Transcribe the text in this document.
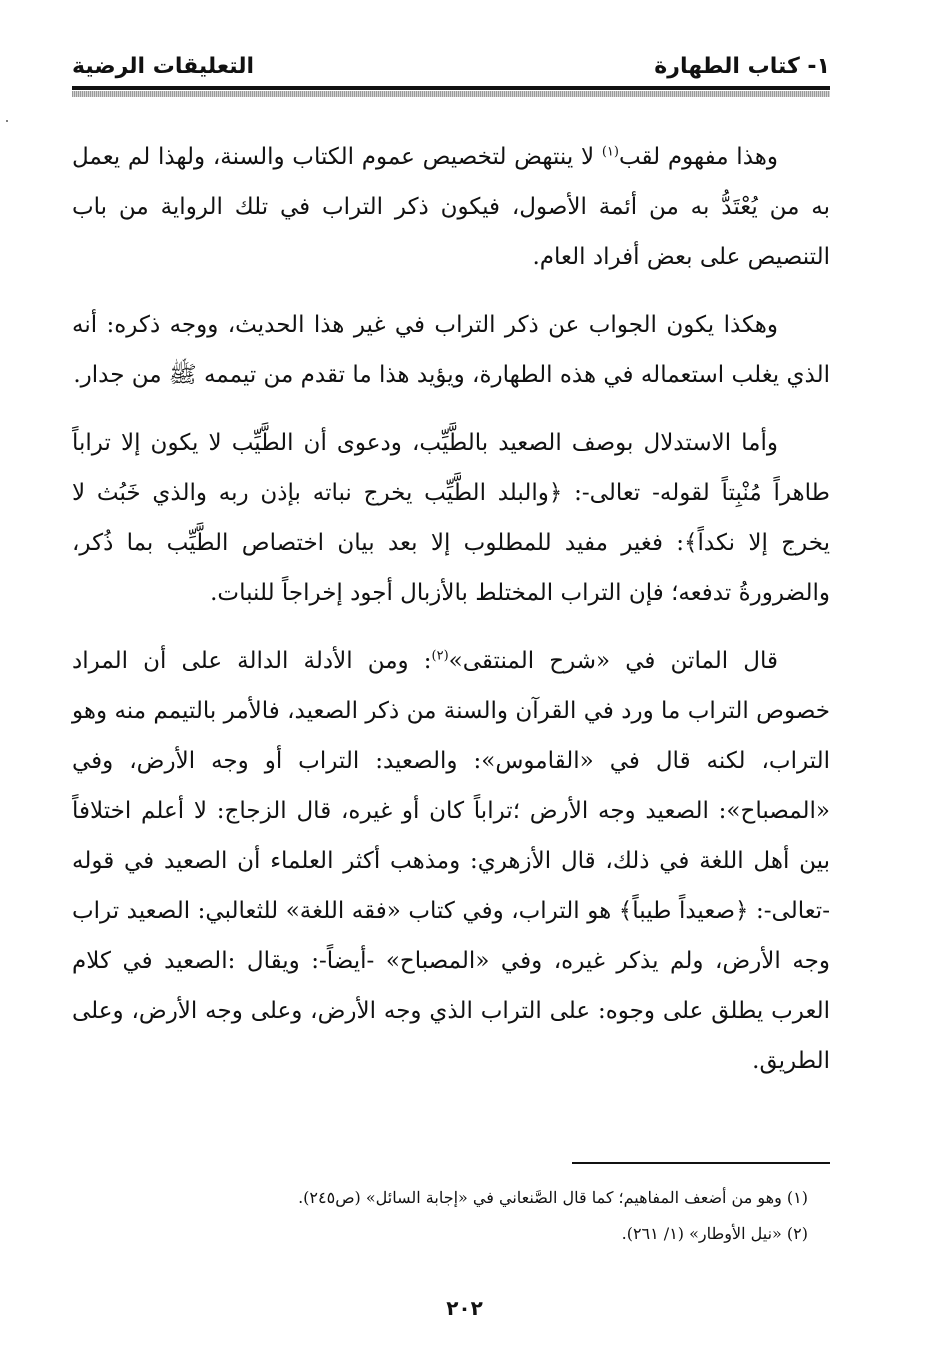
١- كتاب الطهارة
التعليقات الرضية

وهذا مفهوم لقب$^{(١)}$ لا ينتهض لتخصيص عموم الكتاب والسنة، ولهذا لم يعمل به من يُعْتَدُّ به من أئمة الأصول، فيكون ذكر التراب في تلك الرواية من باب التنصيص على بعض أفراد العام.

وهكذا يكون الجواب عن ذكر التراب في غير هذا الحديث، ووجه ذكره: أنه الذي يغلب استعماله في هذه الطهارة، ويؤيد هذا ما تقدم من تيممه ﷺ من جدار.

وأما الاستدلال بوصف الصعيد بالطَّيِّب، ودعوى أن الطَّيِّب لا يكون إلا تراباً طاهراً مُنْبِتاً لقوله- تعالى-: ﴿والبلد الطَّيِّب يخرج نباته بإذن ربه والذي خَبُث لا يخرج إلا نكداً﴾: فغير مفيد للمطلوب إلا بعد بيان اختصاص الطَّيِّب بما ذُكر، والضرورةُ تدفعه؛ فإن التراب المختلط بالأزبال أجود إخراجاً للنبات.

قال الماتن في «شرح المنتقى»$^{(٢)}$: ومن الأدلة الدالة على أن المراد خصوص التراب ما ورد في القرآن والسنة من ذكر الصعيد، فالأمر بالتيمم منه وهو التراب، لكنه قال في «القاموس»: والصعيد: التراب أو وجه الأرض، وفي «المصباح»: الصعيد وجه الأرض ؛تراباً كان أو غيره، قال الزجاج: لا أعلم اختلافاً بين أهل اللغة في ذلك، قال الأزهري: ومذهب أكثر العلماء أن الصعيد في قوله -تعالى-: ﴿صعيداً طيباً﴾ هو التراب، وفي كتاب «فقه اللغة» للثعالبي: الصعيد تراب وجه الأرض، ولم يذكر غيره، وفي «المصباح» -أيضاً-: ويقال :الصعيد في كلام العرب يطلق على وجوه: على التراب الذي وجه الأرض، وعلى وجه الأرض، وعلى الطريق.

(١) وهو من أضعف المفاهيم؛ كما قال الصَّنعاني في «إجابة السائل» (ص٢٤٥).

(٢) «نيل الأوطار» (١/ ٢٦١).

٢٠٢
